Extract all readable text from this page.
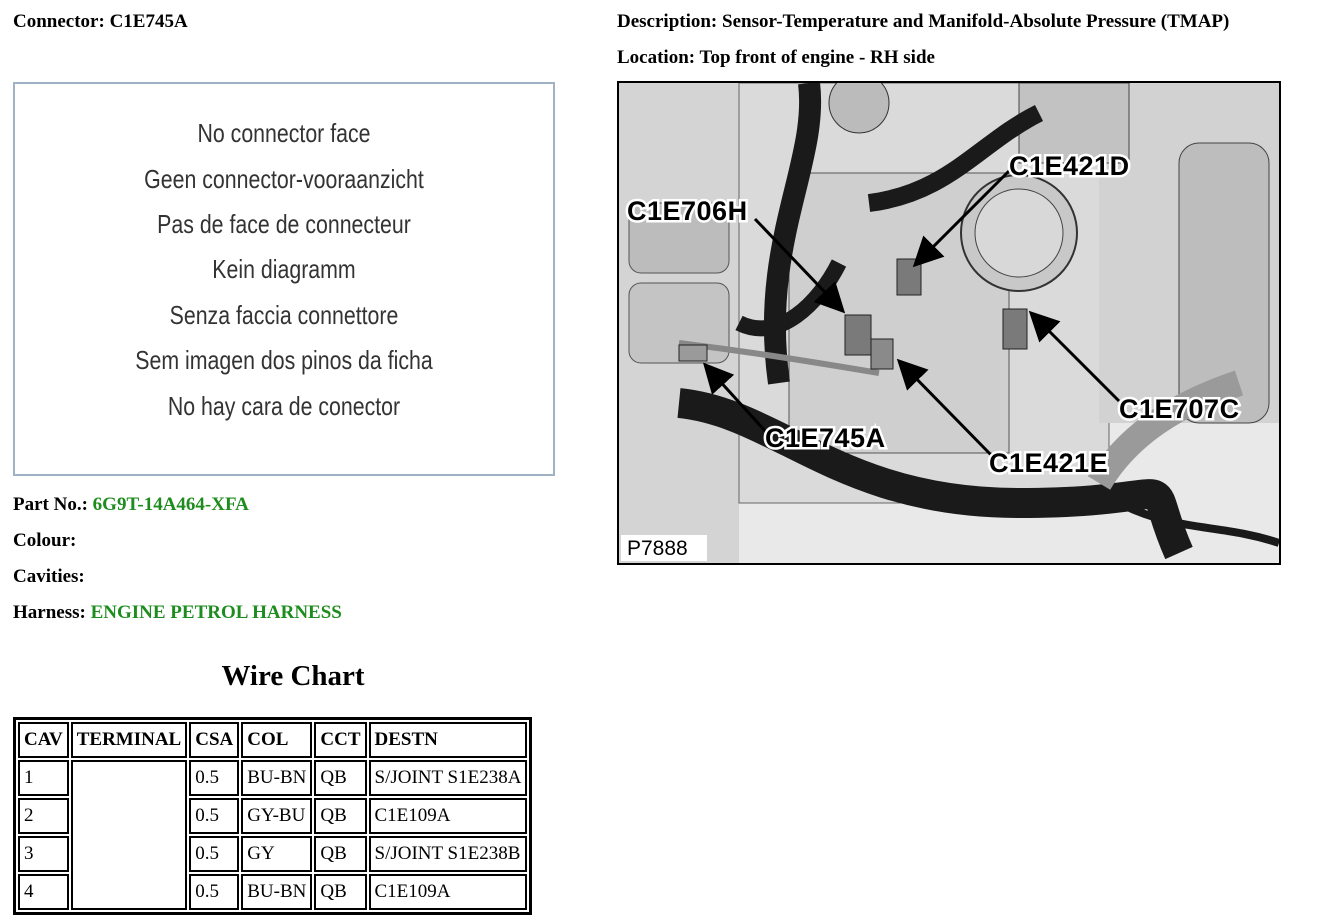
Connector: C1E745A	Description: Sensor-Temperature and Manifold-Absolute Pressure (TMAP)
Location: Top front of engine - RH side
No connector face
Geen connector-vooraanzicht
Pas de face de connecteur
Kein diagramm
Senza faccia connettore
Sem imagen dos pinos da ficha
No hay cara de conector
Part No.: 6G9T-14A464-XFA
Colour:
Cavities:
Harness: ENGINE PETROL HARNESS
Wire Chart
CAV	TERMINAL	CSA	COL	CCT	DESTN
1		0.5	BU-BN	QB	S/JOINT S1E238A
2		0.5	GY-BU	QB	C1E109A
3		0.5	GY	QB	S/JOINT S1E238B
4		0.5	BU-BN	QB	C1E109A
C1E421D
C1E706H
C1E707C
C1E745A
C1E421E
P7888
